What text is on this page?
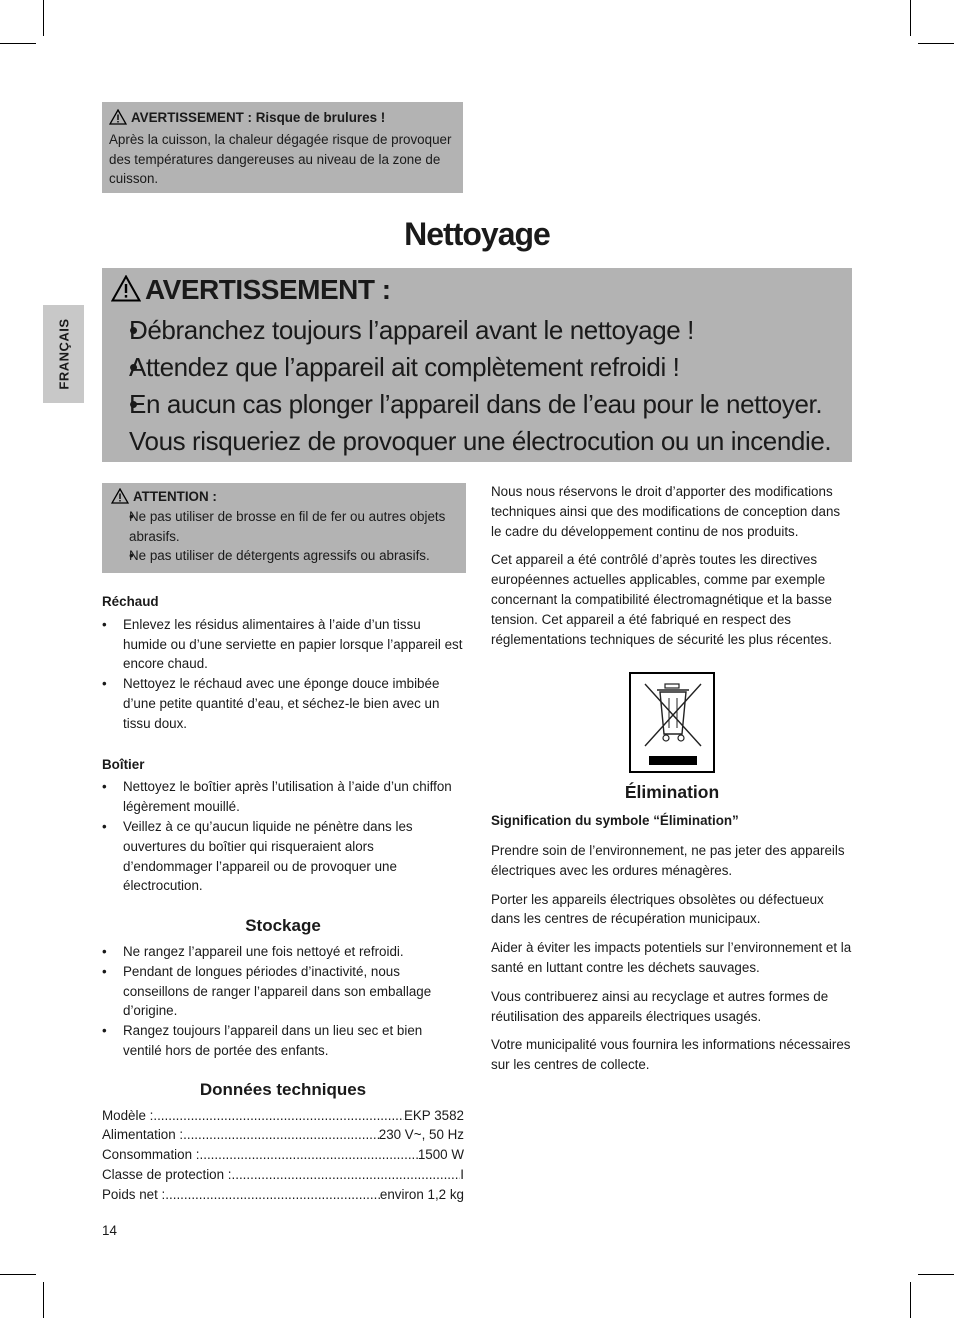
FRANÇAIS
AVERTISSEMENT : Risque de brulures !
Après la cuisson, la chaleur dégagée risque de provoquer des températures dangereuses au niveau de la zone de cuisson.
Nettoyage
AVERTISSEMENT :
• Débranchez toujours l’appareil avant le nettoyage !
• Attendez que l’appareil ait complètement refroidi !
• En aucun cas plonger l’appareil dans de l’eau pour le nettoyer. Vous risqueriez de provoquer une électrocution ou un incendie.
ATTENTION :
• Ne pas utiliser de brosse en fil de fer ou autres objets abrasifs.
• Ne pas utiliser de détergents agressifs ou abrasifs.
Réchaud
• Enlevez les résidus alimentaires à l’aide d’un tissu humide ou d’une serviette en papier lorsque l’appareil est encore chaud.
• Nettoyez le réchaud avec une éponge douce imbibée d’une petite quantité d’eau, et séchez-le bien avec un tissu doux.
Boîtier
• Nettoyez le boîtier après l’utilisation à l’aide d’un chiffon légèrement mouillé.
• Veillez à ce qu’aucun liquide ne pénètre dans les ouvertures du boîtier qui risqueraient alors d’endommager l’appareil ou de provoquer une électrocution.
Stockage
• Ne rangez l’appareil une fois nettoyé et refroidi.
• Pendant de longues périodes d’inactivité, nous conseillons de ranger l’appareil dans son emballage d’origine.
• Rangez toujours l’appareil dans un lieu sec et bien ventilé hors de portée des enfants.
Données techniques
Modèle : .....	EKP 3582
Alimentation : .....	230 V~, 50 Hz
Consommation : .....	1500 W
Classe de protection : .....	I
Poids net : .....	environ 1,2 kg

Nous nous réservons le droit d’apporter des modifications techniques ainsi que des modifications de conception dans le cadre du développement continu de nos produits.

Cet appareil a été contrôlé d’après toutes les directives européennes actuelles applicables, comme par exemple concernant la compatibilité électromagnétique et la basse tension. Cet appareil a été fabriqué en respect des réglementations techniques de sécurité les plus récentes.

Élimination
Signification du symbole “Élimination”

Prendre soin de l’environnement, ne pas jeter des appareils électriques avec les ordures ménagères.

Porter les appareils électriques obsolètes ou défectueux dans les centres de récupération municipaux.

Aider à éviter les impacts potentiels sur l’environnement et la santé en luttant contre les déchets sauvages.

Vous contribuerez ainsi au recyclage et autres formes de réutilisation des appareils électriques usagés.

Votre municipalité vous fournira les informations nécessaires sur les centres de collecte.

14
